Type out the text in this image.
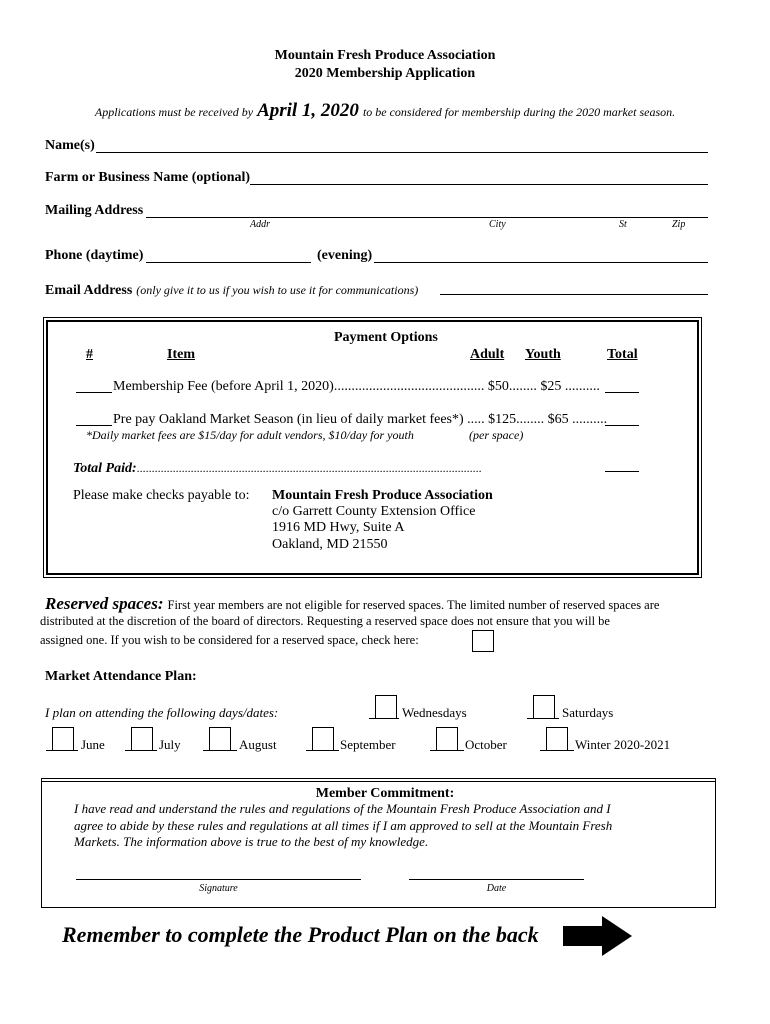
Mountain Fresh Produce Association
2020 Membership Application
Applications must be received by April 1, 2020 to be considered for membership during the 2020 market season.
Name(s)
Farm or Business Name (optional)
Mailing Address
Addr	City	St	Zip
Phone (daytime)	(evening)
Email Address (only give it to us if you wish to use it for communications)
Payment Options
#	Item	Adult Youth	Total
Membership Fee (before April 1, 2020)........................................... $50........ $25 ..........
Pre pay Oakland Market Season (in lieu of daily market fees*) ..... $125........ $65 ..........
*Daily market fees are $15/day for adult vendors, $10/day for youth	(per space)
Total Paid:...................................................................................................................
Please make checks payable to: Mountain Fresh Produce Association
c/o Garrett County Extension Office
1916 MD Hwy, Suite A
Oakland, MD 21550
Reserved spaces: First year members are not eligible for reserved spaces. The limited number of reserved spaces are
distributed at the discretion of the board of directors. Requesting a reserved space does not ensure that you will be
assigned one. If you wish to be considered for a reserved space, check here:
Market Attendance Plan:
I plan on attending the following days/dates:	Wednesdays	Saturdays
June	July	August	September	October	Winter 2020-2021
Member Commitment:
I have read and understand the rules and regulations of the Mountain Fresh Produce Association and I
agree to abide by these rules and regulations at all times if I am approved to sell at the Mountain Fresh
Markets. The information above is true to the best of my knowledge.
Signature	Date
Remember to complete the Product Plan on the back
